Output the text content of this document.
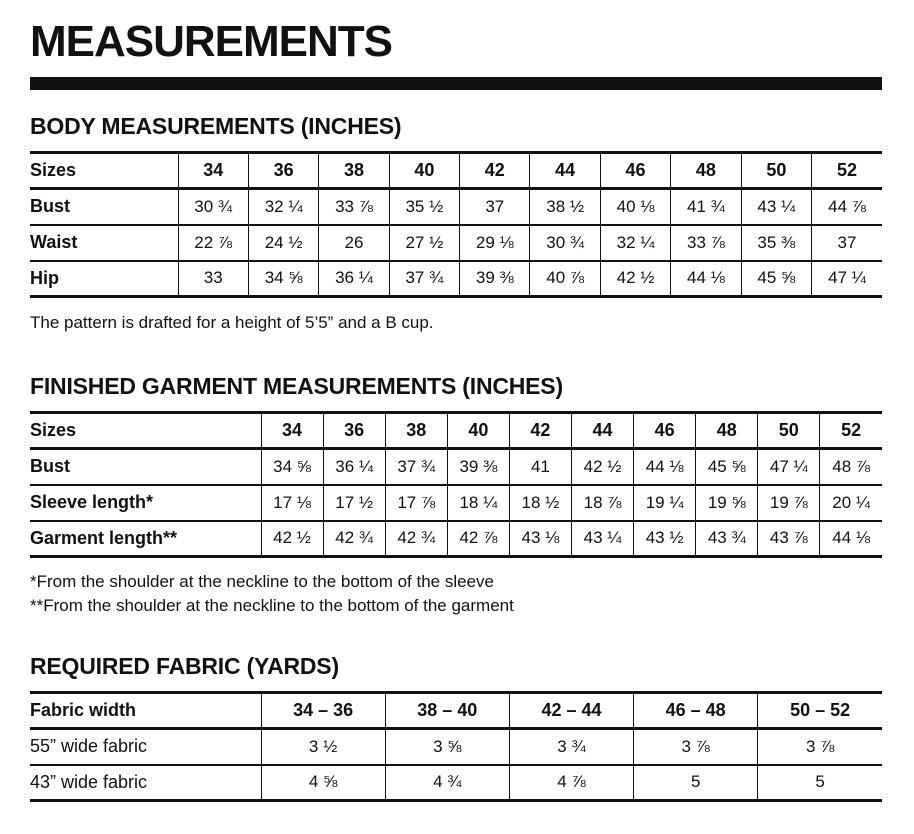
MEASUREMENTS
BODY MEASUREMENTS (INCHES)
Sizes	34	36	38	40	42	44	46	48	50	52
Bust	30 ¾	32 ¼	33 ⅞	35 ½	37	38 ½	40 ⅛	41 ¾	43 ¼	44 ⅞
Waist	22 ⅞	24 ½	26	27 ½	29 ⅛	30 ¾	32 ¼	33 ⅞	35 ⅜	37
Hip	33	34 ⅝	36 ¼	37 ¾	39 ⅜	40 ⅞	42 ½	44 ⅛	45 ⅝	47 ¼
The pattern is drafted for a height of 5’5” and a B cup.
FINISHED GARMENT MEASUREMENTS (INCHES)
Sizes	34	36	38	40	42	44	46	48	50	52
Bust	34 ⅝	36 ¼	37 ¾	39 ⅜	41	42 ½	44 ⅛	45 ⅝	47 ¼	48 ⅞
Sleeve length*	17 ⅛	17 ½	17 ⅞	18 ¼	18 ½	18 ⅞	19 ¼	19 ⅝	19 ⅞	20 ¼
Garment length**	42 ½	42 ¾	42 ¾	42 ⅞	43 ⅛	43 ¼	43 ½	43 ¾	43 ⅞	44 ⅛
*From the shoulder at the neckline to the bottom of the sleeve
**From the shoulder at the neckline to the bottom of the garment
REQUIRED FABRIC (YARDS)
Fabric width	34 – 36	38 – 40	42 – 44	46 – 48	50 – 52
55” wide fabric	3 ½	3 ⅝	3 ¾	3 ⅞	3 ⅞
43” wide fabric	4 ⅝	4 ¾	4 ⅞	5	5
